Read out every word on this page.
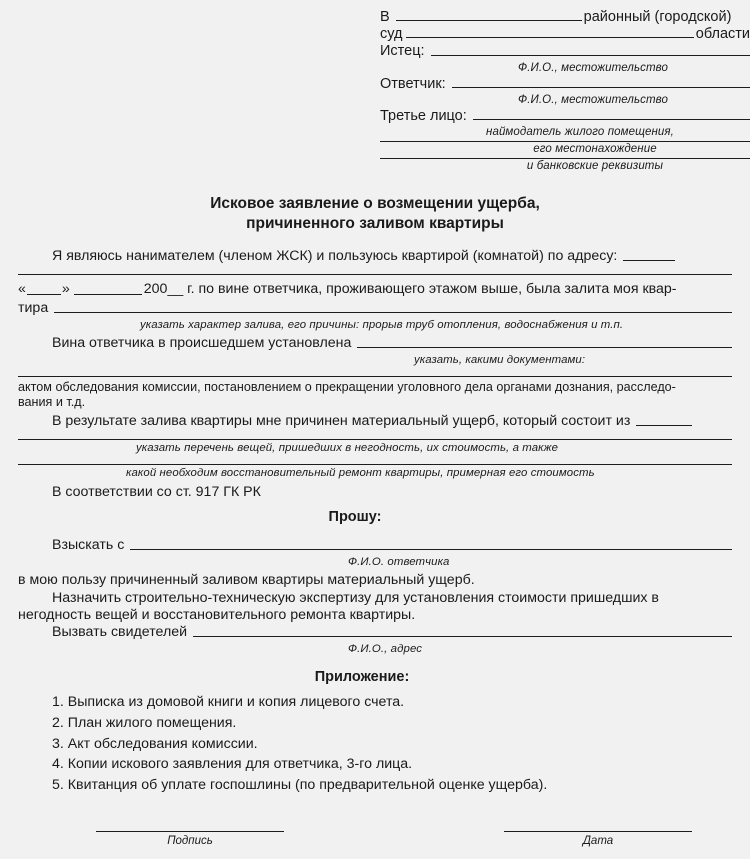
В	районный (городской)
суд	области
Истец:
Ф.И.О., местожительство
Ответчик:
Ф.И.О., местожительство
Третье лицо:
наймодатель жилого помещения,
его местонахождение
и банковские реквизиты
Исковое заявление о возмещении ущерба,
причиненного заливом квартиры
Я являюсь нанимателем (членом ЖСК) и пользуюсь квартирой (комнатой) по адресу:
«	»	200__ г. по вине ответчика, проживающего этажом выше, была залита моя квар-
тира
указать характер залива, его причины: прорыв труб отопления, водоснабжения и т.п.
Вина ответчика в происшедшем установлена
указать, какими документами:
актом обследования комиссии, постановлением о прекращении уголовного дела органами дознания, расследо-
вания и т.д.
В результате залива квартиры мне причинен материальный ущерб, который состоит из
указать перечень вещей, пришедших в негодность, их стоимость, а также
какой необходим восстановительный ремонт квартиры, примерная его стоимость
В соответствии со ст. 917 ГК РК
Прошу:
Взыскать с
Ф.И.О. ответчика
в мою пользу причиненный заливом квартиры материальный ущерб.
Назначить строительно-техническую экспертизу для установления стоимости пришедших в
негодность вещей и восстановительного ремонта квартиры.
Вызвать свидетелей
Ф.И.О., адрес
Приложение:
1. Выписка из домовой книги и копия лицевого счета.
2. План жилого помещения.
3. Акт обследования комиссии.
4. Копии искового заявления для ответчика, 3-го лица.
5. Квитанция об уплате госпошлины (по предварительной оценке ущерба).
Подпись	Дата
